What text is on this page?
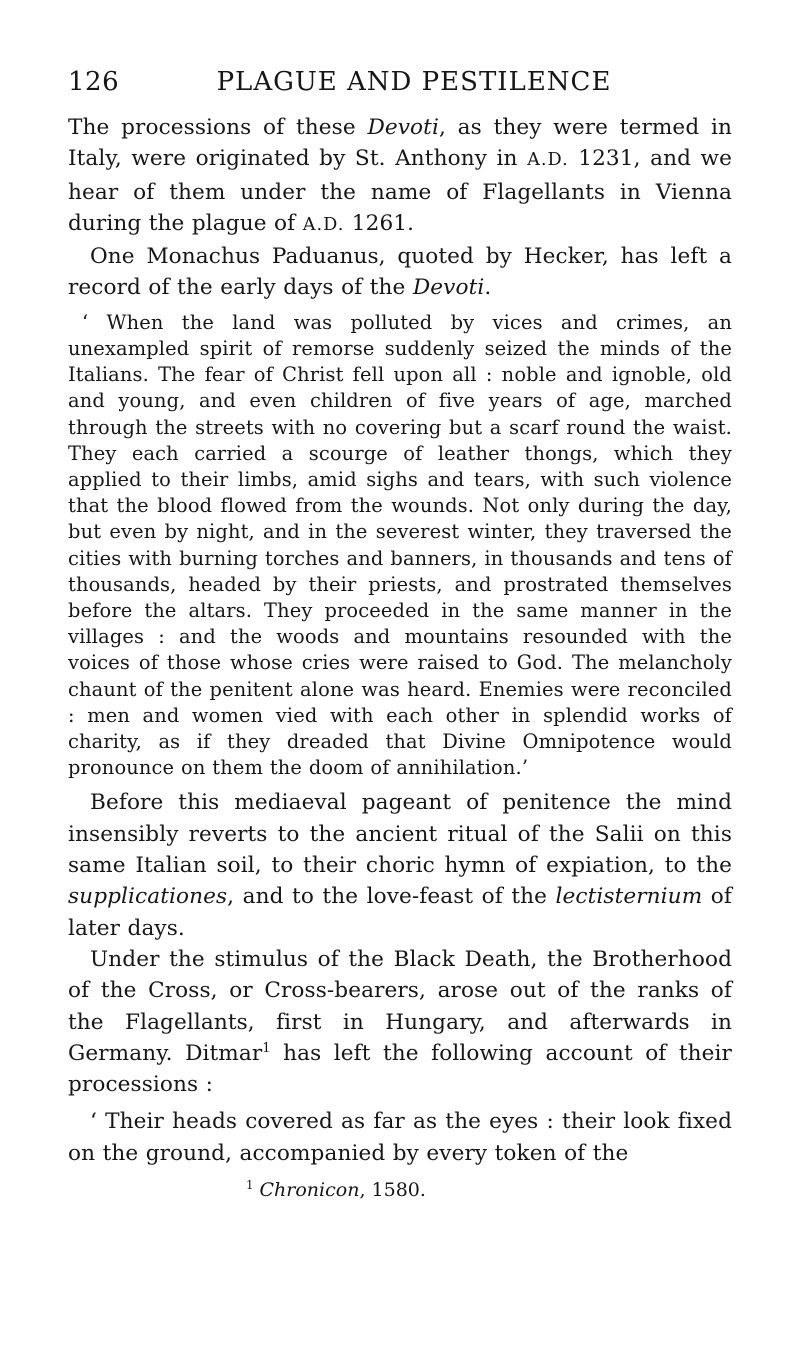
126	PLAGUE AND PESTILENCE

The processions of these Devoti, as they were termed in Italy, were originated by St. Anthony in A.D. 1231, and we hear of them under the name of Flagellants in Vienna during the plague of A.D. 1261.

One Monachus Paduanus, quoted by Hecker, has left a record of the early days of the Devoti.

‘ When the land was polluted by vices and crimes, an unexampled spirit of remorse suddenly seized the minds of the Italians. The fear of Christ fell upon all : noble and ignoble, old and young, and even children of five years of age, marched through the streets with no covering but a scarf round the waist. They each carried a scourge of leather thongs, which they applied to their limbs, amid sighs and tears, with such violence that the blood flowed from the wounds. Not only during the day, but even by night, and in the severest winter, they traversed the cities with burning torches and banners, in thousands and tens of thousands, headed by their priests, and prostrated themselves before the altars. They proceeded in the same manner in the villages : and the woods and mountains resounded with the voices of those whose cries were raised to God. The melancholy chaunt of the penitent alone was heard. Enemies were reconciled : men and women vied with each other in splendid works of charity, as if they dreaded that Divine Omnipotence would pronounce on them the doom of annihilation.’

Before this mediaeval pageant of penitence the mind insensibly reverts to the ancient ritual of the Salii on this same Italian soil, to their choric hymn of expiation, to the supplicationes, and to the love-feast of the lectisternium of later days.

Under the stimulus of the Black Death, the Brotherhood of the Cross, or Cross-bearers, arose out of the ranks of the Flagellants, first in Hungary, and afterwards in Germany. Ditmar$^1$ has left the following account of their processions :

‘ Their heads covered as far as the eyes : their look fixed on the ground, accompanied by every token of the

$^1$ Chronicon, 1580.
